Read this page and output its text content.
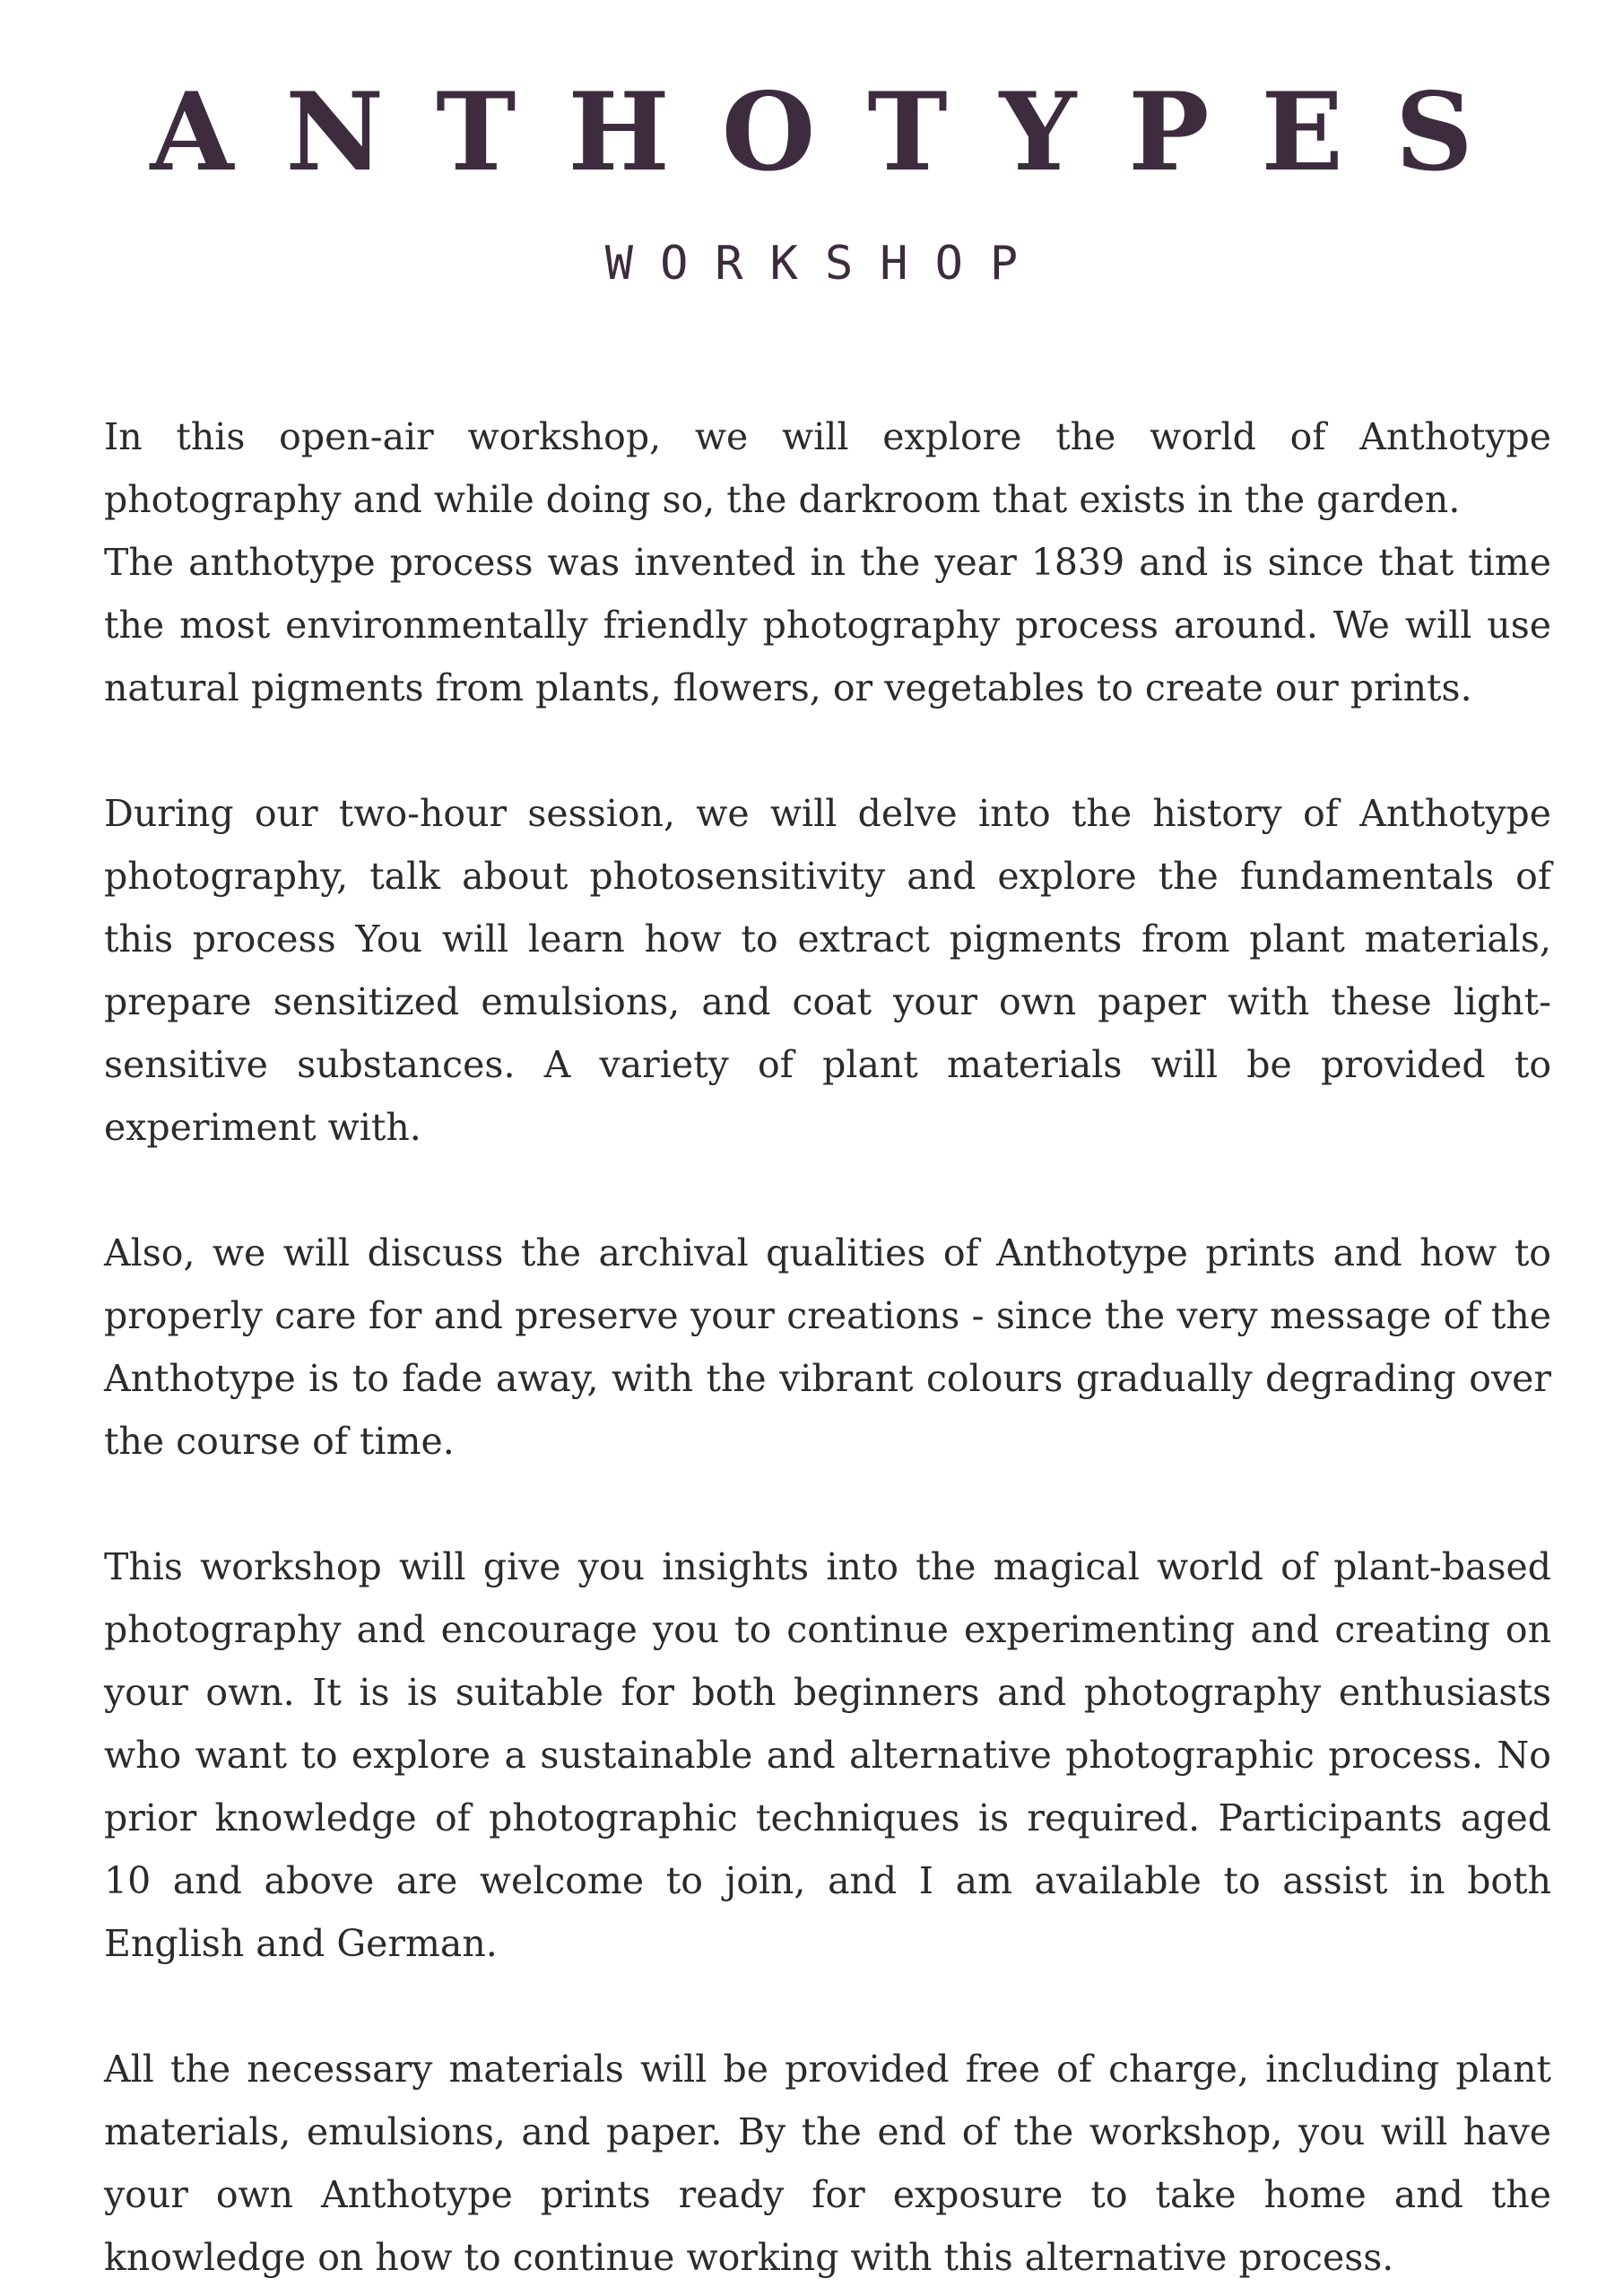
ANTHOTYPES
WORKSHOP

In this open-air workshop, we will explore the world of Anthotype photography and while doing so, the darkroom that exists in the garden.
The anthotype process was invented in the year 1839 and is since that time the most environmentally friendly photography process around. We will use natural pigments from plants, flowers, or vegetables to create our prints.

During our two-hour session, we will delve into the history of Anthotype photography, talk about photosensitivity and explore the fundamentals of this process You will learn how to extract pigments from plant materials, prepare sensitized emulsions, and coat your own paper with these light-sensitive substances. A variety of plant materials will be provided to experiment with.

Also, we will discuss the archival qualities of Anthotype prints and how to properly care for and preserve your creations - since the very message of the Anthotype is to fade away, with the vibrant colours gradually degrading over the course of time.

This workshop will give you insights into the magical world of plant-based photography and encourage you to continue experimenting and creating on your own. It is is suitable for both beginners and photography enthusiasts who want to explore a sustainable and alternative photographic process. No prior knowledge of photographic techniques is required. Participants aged 10 and above are welcome to join, and I am available to assist in both English and German.

All the necessary materials will be provided free of charge, including plant materials, emulsions, and paper. By the end of the workshop, you will have your own Anthotype prints ready for exposure to take home and the knowledge on how to continue working with this alternative process.
